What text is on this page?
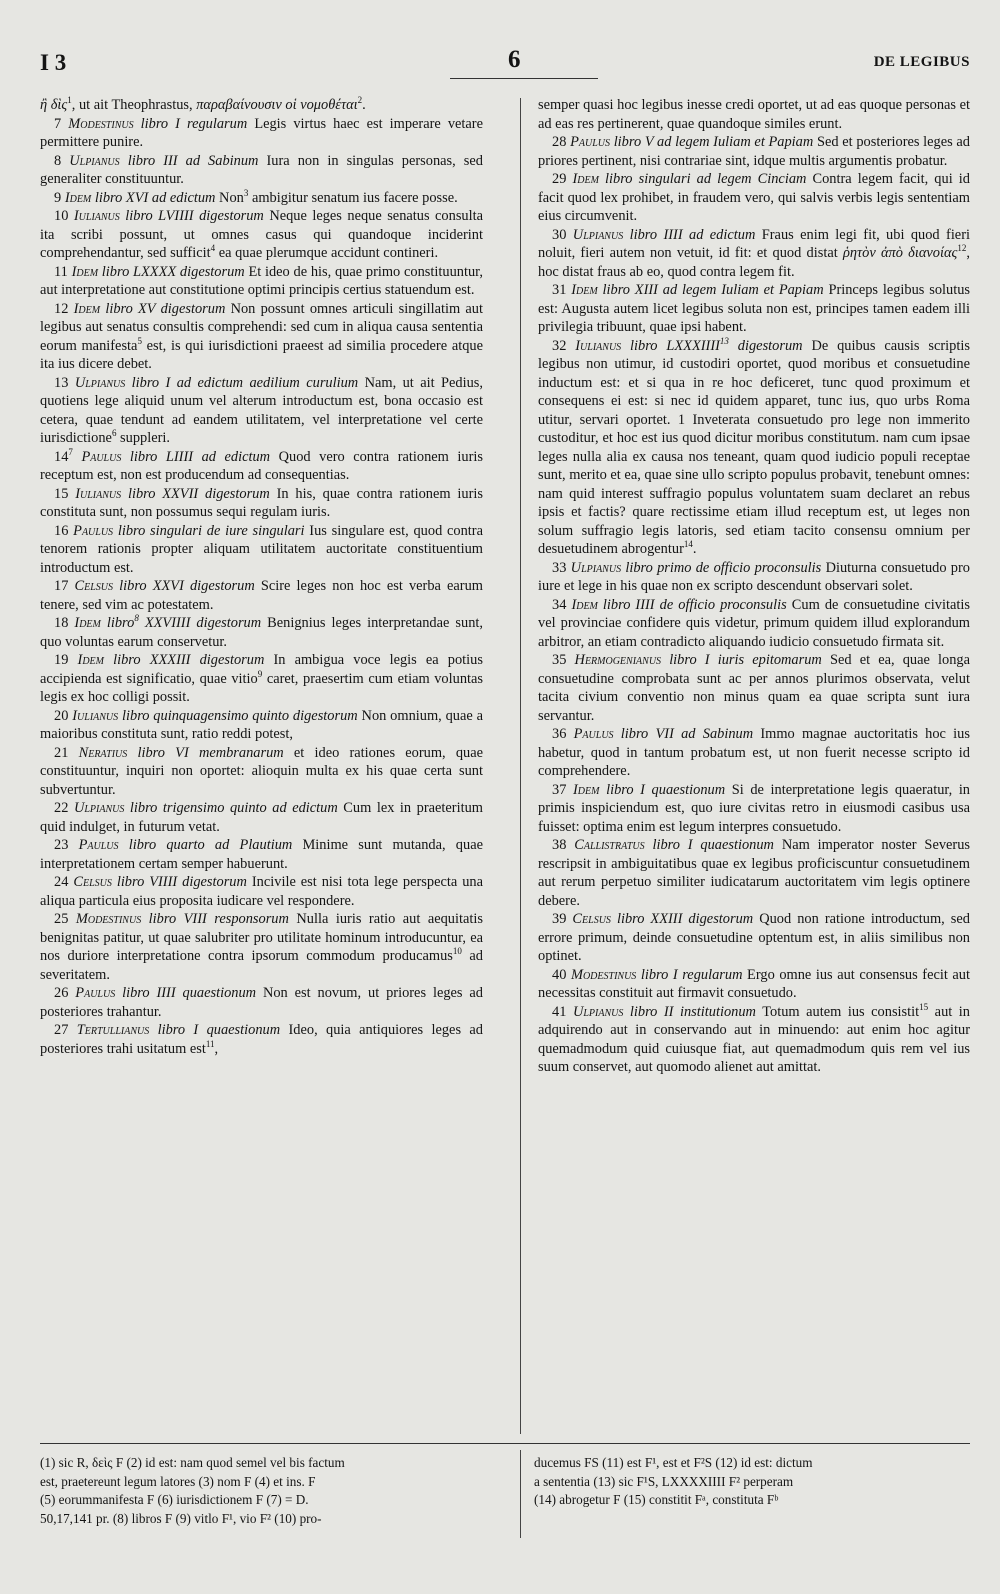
I 3	6	DE LEGIBUS

ἢ δὶς$^1$, ut ait Theophrastus, παραβαίνουσιν οἱ νομοθέται$^2$.

7 Modestinus libro I regularum Legis virtus haec est imperare vetare permittere punire.

8 Ulpianus libro III ad Sabinum Iura non in singulas personas, sed generaliter constituuntur.

9 Idem libro XVI ad edictum Non$^3$ ambigitur senatum ius facere posse.

10 Iulianus libro LVIIII digestorum Neque leges neque senatus consulta ita scribi possunt, ut omnes casus qui quandoque inciderint comprehendantur, sed sufficit$^4$ ea quae plerumque accidunt contineri.

11 Idem libro LXXXX digestorum Et ideo de his, quae primo constituuntur, aut interpretatione aut constitutione optimi principis certius statuendum est.

12 Idem libro XV digestorum Non possunt omnes articuli singillatim aut legibus aut senatus consultis comprehendi: sed cum in aliqua causa sententia eorum manifesta$^5$ est, is qui iurisdictioni praeest ad similia procedere atque ita ius dicere debet.

13 Ulpianus libro I ad edictum aedilium curulium Nam, ut ait Pedius, quotiens lege aliquid unum vel alterum introductum est, bona occasio est cetera, quae tendunt ad eandem utilitatem, vel interpretatione vel certe iurisdictione$^6$ suppleri.

$14^7$ Paulus libro LIIII ad edictum Quod vero contra rationem iuris receptum est, non est producendum ad consequentias.

15 Iulianus libro XXVII digestorum In his, quae contra rationem iuris constituta sunt, non possumus sequi regulam iuris.

16 Paulus libro singulari de iure singulari Ius singulare est, quod contra tenorem rationis propter aliquam utilitatem auctoritate constituentium introductum est.

17 Celsus libro XXVI digestorum Scire leges non hoc est verba earum tenere, sed vim ac potestatem.

18 Idem libro$^8$ XXVIIII digestorum Benignius leges interpretandae sunt, quo voluntas earum conservetur.

19 Idem libro XXXIII digestorum In ambigua voce legis ea potius accipienda est significatio, quae vitio$^9$ caret, praesertim cum etiam voluntas legis ex hoc colligi possit.

20 Iulianus libro quinquagensimo quinto digestorum Non omnium, quae a maioribus constituta sunt, ratio reddi potest,

21 Neratius libro VI membranarum et ideo rationes eorum, quae constituuntur, inquiri non oportet: alioquin multa ex his quae certa sunt subvertuntur.

22 Ulpianus libro trigensimo quinto ad edictum Cum lex in praeteritum quid indulget, in futurum vetat.

23 Paulus libro quarto ad Plautium Minime sunt mutanda, quae interpretationem certam semper habuerunt.

24 Celsus libro VIIII digestorum Incivile est nisi tota lege perspecta una aliqua particula eius proposita iudicare vel respondere.

25 Modestinus libro VIII responsorum Nulla iuris ratio aut aequitatis benignitas patitur, ut quae salubriter pro utilitate hominum introducuntur, ea nos duriore interpretatione contra ipsorum commodum producamus$^{10}$ ad severitatem.

26 Paulus libro IIII quaestionum Non est novum, ut priores leges ad posteriores trahantur.

27 Tertullianus libro I quaestionum Ideo, quia antiquiores leges ad posteriores trahi usitatum est$^{11}$,

semper quasi hoc legibus inesse credi oportet, ut ad eas quoque personas et ad eas res pertinerent, quae quandoque similes erunt.

28 Paulus libro V ad legem Iuliam et Papiam Sed et posteriores leges ad priores pertinent, nisi contrariae sint, idque multis argumentis probatur.

29 Idem libro singulari ad legem Cinciam Contra legem facit, qui id facit quod lex prohibet, in fraudem vero, qui salvis verbis legis sententiam eius circumvenit.

30 Ulpianus libro IIII ad edictum Fraus enim legi fit, ubi quod fieri noluit, fieri autem non vetuit, id fit: et quod distat ῥητὸν ἀπὸ διανοίας$^{12}$, hoc distat fraus ab eo, quod contra legem fit.

31 Idem libro XIII ad legem Iuliam et Papiam Princeps legibus solutus est: Augusta autem licet legibus soluta non est, principes tamen eadem illi privilegia tribuunt, quae ipsi habent.

32 Iulianus libro LXXXIIII$^{13}$ digestorum De quibus causis scriptis legibus non utimur, id custodiri oportet, quod moribus et consuetudine inductum est: et si qua in re hoc deficeret, tunc quod proximum et consequens ei est: si nec id quidem apparet, tunc ius, quo urbs Roma utitur, servari oportet. 1 Inveterata consuetudo pro lege non immerito custoditur, et hoc est ius quod dicitur moribus constitutum. nam cum ipsae leges nulla alia ex causa nos teneant, quam quod iudicio populi receptae sunt, merito et ea, quae sine ullo scripto populus probavit, tenebunt omnes: nam quid interest suffragio populus voluntatem suam declaret an rebus ipsis et factis? quare rectissime etiam illud receptum est, ut leges non solum suffragio legis latoris, sed etiam tacito consensu omnium per desuetudinem abrogentur$^{14}$.

33 Ulpianus libro primo de officio proconsulis Diuturna consuetudo pro iure et lege in his quae non ex scripto descendunt observari solet.

34 Idem libro IIII de officio proconsulis Cum de consuetudine civitatis vel provinciae confidere quis videtur, primum quidem illud explorandum arbitror, an etiam contradicto aliquando iudicio consuetudo firmata sit.

35 Hermogenianus libro I iuris epitomarum Sed et ea, quae longa consuetudine comprobata sunt ac per annos plurimos observata, velut tacita civium conventio non minus quam ea quae scripta sunt iura servantur.

36 Paulus libro VII ad Sabinum Immo magnae auctoritatis hoc ius habetur, quod in tantum probatum est, ut non fuerit necesse scripto id comprehendere.

37 Idem libro I quaestionum Si de interpretatione legis quaeratur, in primis inspiciendum est, quo iure civitas retro in eiusmodi casibus usa fuisset: optima enim est legum interpres consuetudo.

38 Callistratus libro I quaestionum Nam imperator noster Severus rescripsit in ambiguitatibus quae ex legibus proficiscuntur consuetudinem aut rerum perpetuo similiter iudicatarum auctoritatem vim legis optinere debere.

39 Celsus libro XXIII digestorum Quod non ratione introductum, sed errore primum, deinde consuetudine optentum est, in aliis similibus non optinet.

40 Modestinus libro I regularum Ergo omne ius aut consensus fecit aut necessitas constituit aut firmavit consuetudo.

41 Ulpianus libro II institutionum Totum autem ius consistit$^{15}$ aut in adquirendo aut in conservando aut in minuendo: aut enim hoc agitur quemadmodum quid cuiusque fiat, aut quemadmodum quis rem vel ius suum conservet, aut quomodo alienet aut amittat.

(1) sic R, δεὶς F (2) id est: nam quod semel vel bis factum

est, praetereunt legum latores (3) nom F (4) et ins. F

(5) eorummanifesta F (6) iurisdictionem F (7) = D.

50,17,141 pr. (8) libros F (9) vitlo F¹, vio F² (10) pro-

ducemus FS (11) est F¹, est et F²S (12) id est: dictum

a sententia (13) sic F¹S, LXXXXIIII F² perperam

(14) abrogetur F (15) constitit Fᵃ, constituta Fᵇ
